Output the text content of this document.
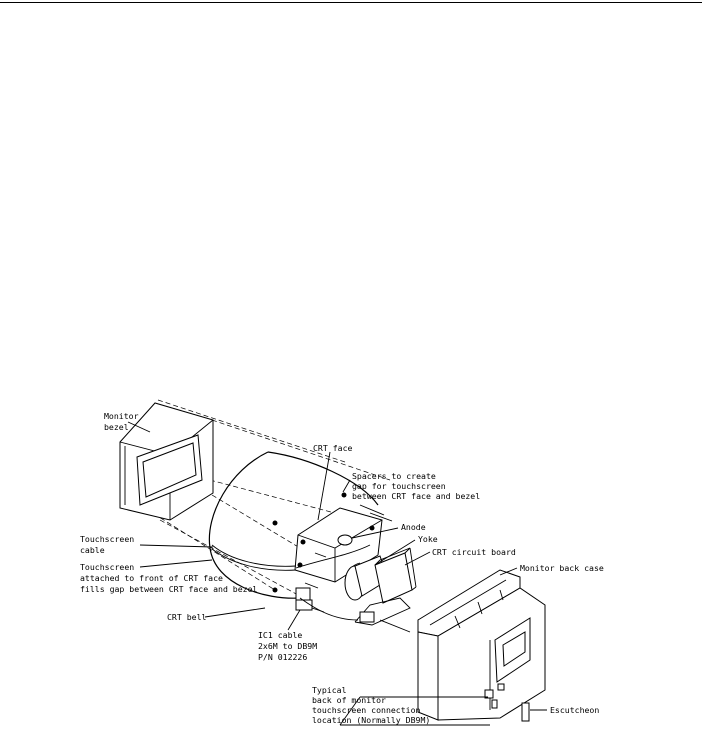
Monitor
bezel
CRT face
Spacers to create
gap for touchscreen
between CRT face and bezel
Anode
Yoke
CRT circuit board
Monitor back case
Touchscreen
cable
Touchscreen
attached to front of CRT face
fills gap between CRT face and bezel
CRT bell
IC1 cable
2x6M to DB9M
P/N 012226
Typical
back of monitor
touchscreen connection
location (Normally DB9M)
Escutcheon
